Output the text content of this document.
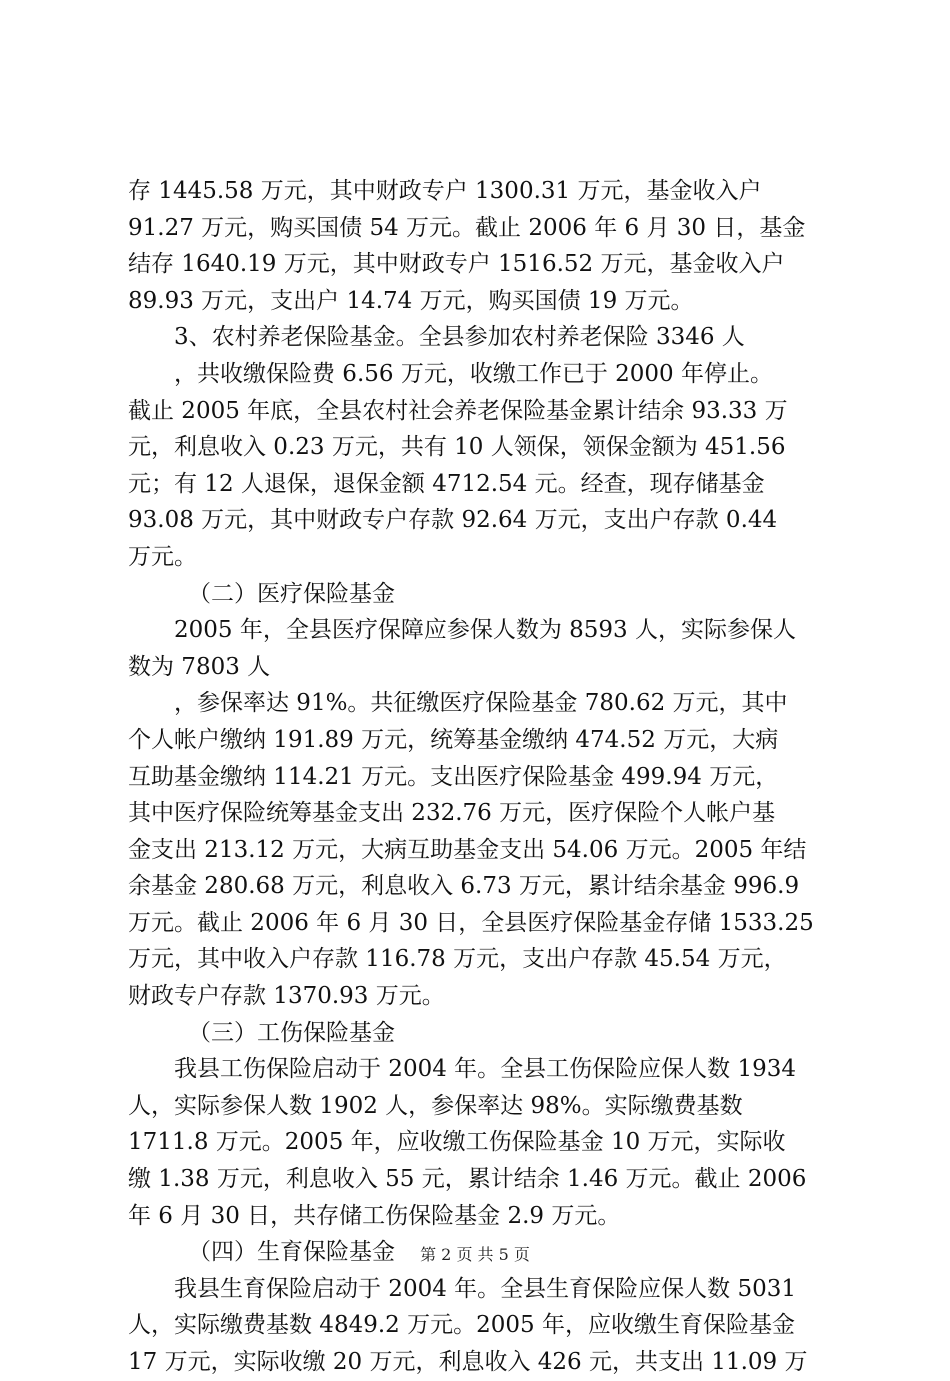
存 1445.58 万元，其中财政专户 1300.31 万元，基金收入户
91.27 万元，购买国债 54 万元。截止 2006 年 6 月 30 日，基金
结存 1640.19 万元，其中财政专户 1516.52 万元，基金收入户
89.93 万元，支出户 14.74 万元，购买国债 19 万元。
3、农村养老保险基金。全县参加农村养老保险 3346 人
，共收缴保险费 6.56 万元，收缴工作已于 2000 年停止。
截止 2005 年底，全县农村社会养老保险基金累计结余 93.33 万
元，利息收入 0.23 万元，共有 10 人领保，领保金额为 451.56
元；有 12 人退保，退保金额 4712.54 元。经查，现存储基金
93.08 万元，其中财政专户存款 92.64 万元，支出户存款 0.44
万元。
（二）医疗保险基金
2005 年，全县医疗保障应参保人数为 8593 人，实际参保人
数为 7803 人
，参保率达 91%。共征缴医疗保险基金 780.62 万元，其中
个人帐户缴纳 191.89 万元，统筹基金缴纳 474.52 万元，大病
互助基金缴纳 114.21 万元。支出医疗保险基金 499.94 万元，
其中医疗保险统筹基金支出 232.76 万元，医疗保险个人帐户基
金支出 213.12 万元，大病互助基金支出 54.06 万元。2005 年结
余基金 280.68 万元，利息收入 6.73 万元，累计结余基金 996.9
万元。截止 2006 年 6 月 30 日，全县医疗保险基金存储 1533.25
万元，其中收入户存款 116.78 万元，支出户存款 45.54 万元，
财政专户存款 1370.93 万元。
（三）工伤保险基金
我县工伤保险启动于 2004 年。全县工伤保险应保人数 1934
人，实际参保人数 1902 人，参保率达 98%。实际缴费基数
1711.8 万元。2005 年，应收缴工伤保险基金 10 万元，实际收
缴 1.38 万元，利息收入 55 元，累计结余 1.46 万元。截止 2006
年 6 月 30 日，共存储工伤保险基金 2.9 万元。
（四）生育保险基金
我县生育保险启动于 2004 年。全县生育保险应保人数 5031
人，实际缴费基数 4849.2 万元。2005 年，应收缴生育保险基金
17 万元，实际收缴 20 万元，利息收入 426 元，共支出 11.09 万
第 2 页 共 5 页
